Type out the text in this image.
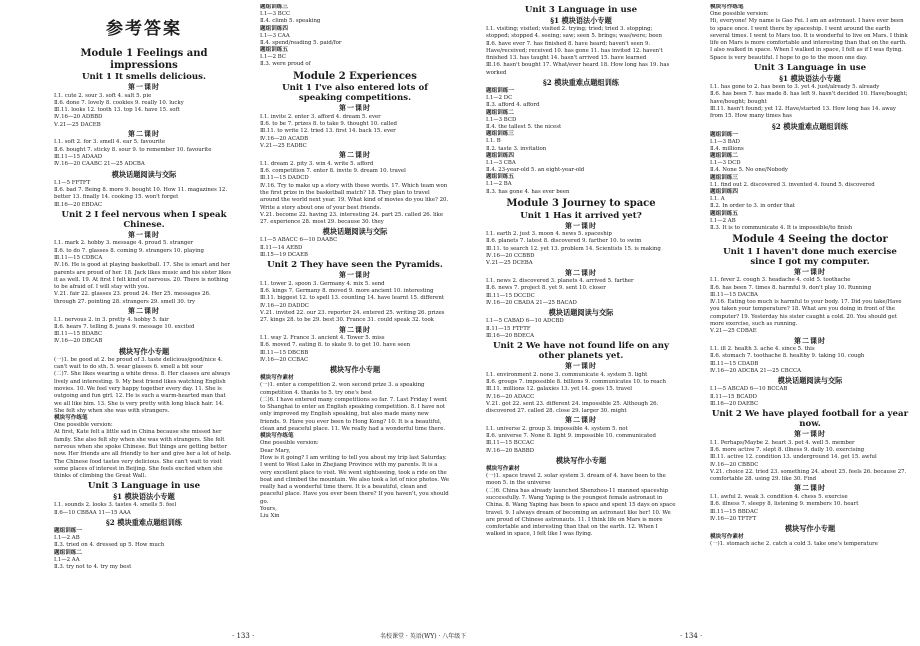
参考答案
Module 1 Feelings and impressions
Unit 1 It smells delicious.
第一课时
Ⅰ.1. cute 2. sour 3. soft 4. salt 5. pie
Ⅱ.6. done 7. lovely 8. cookies 9. really 10. lucky
Ⅲ.11. looks 12. tooth 13. top 14. have 15. soft
Ⅳ.16—20 ADBBD
Ⅴ.21—25 DACEB
第二课时
Ⅰ.1. soft 2. for 3. smell 4. ear 5. favourite
Ⅱ.6. bought 7. sticky 8. sour 9. to remember 10. favourite
Ⅲ.11—15 ADAAD
Ⅳ.16—20 CAABC 21—25 ADCBA
模块话题阅读与交际
Ⅰ.1—5 FFTFT
Ⅱ.6. bad 7. Being 8. more 9. bought 10. How 11. magazines 12. better 13. finally 14. cooking 15. won't forget
Ⅲ.16—20 EBDAC
Unit 2 I feel nervous when I speak Chinese.
第一课时
Ⅰ.1. mark 2. hobby 3. message 4. proud 5. stranger
Ⅱ.6. to do 7. glasses 8. coming 9. strangers 10. playing
Ⅲ.11—15 CDBCA
Ⅳ.16. He is good at playing basketball. 17. She is smart and her parents are proud of her. 18. Jack likes music and his sister likes it as well. 19. At first I felt kind of nervous. 20. There is nothing to be afraid of. I will stay with you.
Ⅴ.21. fair 22. glasses 23. proud 24. Her 25. messages 26. through 27. pointing 28. strangers 29. smell 30. try
第二课时
Ⅰ.1. nervous 2. in 3. pretty 4. hobby 5. fair
Ⅱ.6. hears 7. telling 8. jeans 9. message 10. excited
Ⅲ.11—15 BDABC
Ⅳ.16—20 DBCAB
模块写作小专题
(一)1. be good at 2. be proud of 3. taste delicious/good/nice 4. can't wait to do sth. 5. wear glasses 6. smell a bit sour
(二)7. She likes wearing a white dress. 8. Her classes are always lively and interesting. 9. My best friend likes watching English movies. 10. We feel very happy together every day. 11. She is outgoing and fun girl. 12. He is such a warm-hearted man that we all like him. 13. She is very pretty with long black hair. 14. She felt shy when she was with strangers.
模块写作练笔
One possible version:
At first, Kate felt a little sad in China because she missed her family. She also felt shy when she was with strangers. She felt nervous when she spoke Chinese. But things are getting better now. Her friends are all friendly to her and give her a lot of help. The Chinese food tastes very delicious. She can't wait to visit some places of interest in Beijing. She feels excited when she thinks of climbing the Great Wall.
Unit 3 Language in use
§1 模块语法小专题
Ⅰ.1. sounds 2. looks 3. tastes 4. smells 5. feel
Ⅱ.6—10 CBBAA 11—15 AAA
§2 模块重难点题组训练
题组训练一
Ⅰ.1—2 AB
Ⅱ.3. tried on 4. dressed up 5. How much
题组训练二
Ⅰ.1—2 AA
Ⅱ.3. try not to 4. try my best
题组训练三
Ⅰ.1—3 BCC
Ⅱ.4. climb 5. speaking
题组训练四
Ⅰ.1—3 CAA
Ⅱ.4. spend/reading 5. paid/for
题组训练五
Ⅰ.1—2 BC
Ⅱ.3. were proud of
Module 2 Experiences
Unit 1 I've also entered lots of speaking competitions.
第一课时
Ⅰ.1. invite 2. enter 3. afford 4. dream 5. ever
Ⅱ.6. to be 7. prizes 8. to take 9. thought 10. called
Ⅲ.11. to write 12. tried 13. first 14. back 15. ever
Ⅳ.16—20 ACADB
Ⅴ.21—25 EADBC
第二课时
Ⅰ.1. dream 2. pity 3. win 4. write 5. afford
Ⅱ.6. competition 7. enter 8. invite 9. dream 10. travel
Ⅲ.11—15 DADCD
Ⅳ.16. Try to make up a story with these words. 17. Which team won the first prize in the basketball match? 18. They plan to travel around the world next year. 19. What kind of movies do you like? 20. Write a story about one of your best friends.
Ⅴ.21. become 22. having 23. interesting 24. part 25. called 26. like 27. experience 28. most 29. because 30. they
模块话题阅读与交际
Ⅰ.1—5 ABACC 6—10 DAABC
Ⅱ.11—14 AEBD
Ⅲ.15—19 DCAEB
Unit 2 They have seen the Pyramids.
第一课时
Ⅰ.1. tower 2. spoon 3. Germany 4. mix 5. send
Ⅱ.6. kings 7. Germany 8. moved 9. more ancient 10. interesting
Ⅲ.11. biggest 12. to spell 13. counting 14. have learnt 15. different
Ⅳ.16—20 DADDC
Ⅴ.21. invited 22. our 23. reporter 24. entered 25. writing 26. prizes 27. kings 28. to be 29. best 30. France 31. could speak 32. took
第二课时
Ⅰ.1. way 2. France 3. ancient 4. Tower 5. miss
Ⅱ.6. moved 7. eating 8. to skate 9. to get 10. have seen
Ⅲ.11—15 DBCBB
Ⅳ.16—20 CCBAC
模块写作小专题
模块写作素材
(一)1. enter a competition 2. won second prize 3. a speaking competition 4. thanks to 5. try one's best
(二)6. I have entered many competitions so far. 7. Last Friday I went to Shanghai to enter an English speaking competition. 8. I have not only improved my English speaking, but also made many new friends. 9. Have you ever been to Hong Kong? 10. It is a beautiful, clean and peaceful place. 11. We really had a wonderful time there.
模块写作练笔
One possible version:
Dear Mary,
How is it going? I am writing to tell you about my trip last Saturday. I went to West Lake in Zhejiang Province with my parents. It is a very excellent place to visit. We went sightseeing, took a ride on the boat and climbed the mountain. We also took a lot of nice photos. We really had a wonderful time there. It is a beautiful, clean and peaceful place. Have you ever been there? If you haven't, you should go.
Yours,
Liu Xin
Unit 3 Language in use
§1 模块语法小专题
Ⅰ.1. visiting; visited; visited 2. trying; tried; tried 3. stopping; stopped; stopped 4. seeing; saw; seen 5. brings; was/were; been
Ⅱ.6. have ever 7. has finished 8. have heard; haven't seen 9. Have/received; received 10. has gone 11. has invited 12. haven't finished 13. has taught 14. hasn't arrived 15. have learned
Ⅲ.16. hasn't bought 17. What/ever heard 18. How long has 19. has worked
§2 模块重难点题组训练
题组训练一
Ⅰ.1—2 DC
Ⅱ.3. afford 4. afford
题组训练二
Ⅰ.1—3 BCD
Ⅱ.4. the tallest 5. the nicest
题组训练三
Ⅰ.1. B
Ⅱ.2. taste 3. invitation
题组训练四
Ⅰ.1—3 CBA
Ⅱ.4. 23-year-old 5. an eight-year-old
题组训练五
Ⅰ.1—2 BA
Ⅱ.3. has gone 4. has ever been
Module 3 Journey to space
Unit 1 Has it arrived yet?
第一课时
Ⅰ.1. earth 2. just 3. moon 4. news 5. spaceship
Ⅱ.6. planets 7. latest 8. discovered 9. farther 10. to swim
Ⅲ.11. to search 12. yet 13. problem 14. Scientists 15. is making
Ⅳ.16—20 CCBBD
Ⅴ.21—25 DCEBA
第二课时
Ⅰ.1. news 2. discovered 3. planets 4. arrived 5. farther
Ⅱ.6. news 7. project 8. yet 9. sent 10. closer
Ⅲ.11—15 DCCDC
Ⅳ.16—20 CBADA 21—25 BACAD
模块话题阅读与交际
Ⅰ.1—5 CABAD 6—10 ADCBD
Ⅱ.11—15 FTFTF
Ⅲ.16—20 BDECA
Unit 2 We have not found life on any other planets yet.
第一课时
Ⅰ.1. environment 2. none 3. communicate 4. system 5. light
Ⅱ.6. groups 7. impossible 8. billions 9. communicates 10. to reach
Ⅲ.11. millions 12. galaxies 13. yet 14. goes 15. travel
Ⅳ.16—20 ADACC
Ⅴ.21. got 22. sent 23. different 24. impossible 25. Although 26. discovered 27. called 28. close 29. larger 30. might
第二课时
Ⅰ.1. universe 2. group 3. impossible 4. system 5. not
Ⅱ.6. universe 7. None 8. light 9. impossible 10. communicated
Ⅲ.11—15 BCCAC
Ⅳ.16—20 BABBD
模块写作小专题
模块写作素材
(一)1. space travel 2. solar system 3. dream of 4. have been to the moon 5. in the universe
(二)6. China has already launched Shenzhou-11 manned spaceship successfully. 7. Wang Yaping is the youngest female astronaut in China. 8. Wang Yaping has been to space and spent 15 days on space travel. 9. I always dream of becoming an astronaut like her! 10. We are proud of Chinese astronauts. 11. I think life on Mars is more comfortable and interesting than that on the earth. 12. When I walked in space, I felt like I was flying.
模块写作练笔
One possible version:
Hi, everyone! My name is Gao Fei. I am an astronaut. I have ever been to space once. I went there by spaceship. I went around the earth several times. I went to Mars too. It is wonderful to live on Mars. I think life on Mars is more comfortable and interesting than that on the earth. I also walked in space. When I walked in space, I felt as if I was flying. Space is very beautiful. I hope to go to the moon one day.
Unit 3 Language in use
§1 模块语法小专题
Ⅰ.1. has gone to 2. has been to 3. yet 4. just/already 5. already
Ⅱ.6. has been 7. has made 8. has left 9. hasn't decided 10. Have/bought; have/bought; bought
Ⅲ.11. hasn't found; yet 12. Have/started 13. How long has 14. away from 15. How many times has
§2 模块重难点题组训练
题组训练一
Ⅰ.1—3 BAD
Ⅱ.4. millions
题组训练二
Ⅰ.1—3 DCD
Ⅱ.4. None 5. No one/Nobody
题组训练三
Ⅰ.1. find out 2. discovered 3. invented 4. found 5. discovered
题组训练四
Ⅰ.1. A
Ⅱ.2. In order to 3. in order that
题组训练五
Ⅰ.1—2 AB
Ⅱ.3. It is to communicate 4. It is impossible/to finish
Module 4 Seeing the doctor
Unit 1 I haven't done much exercise since I got my computer.
第一课时
Ⅰ.1. fever 2. cough 3. headache 4. cold 5. toothache
Ⅱ.6. has been 7. times 8. harmful 9. don't play 10. Running
Ⅲ.11—15 DACBA
Ⅳ.16. Eating too much is harmful to your body. 17. Did you take/Have you taken your temperature? 18. What are you doing in front of the computer? 19. Yesterday his sister caught a cold. 20. You should get more exercise, such as running.
Ⅴ.21—25 CDBAE
第二课时
Ⅰ.1. ill 2. health 3. ache 4. since 5. this
Ⅱ.6. stomach 7. toothache 8. healthy 9. taking 10. cough
Ⅲ.11—15 CDADB
Ⅳ.16—20 ADCBA 21—25 CBCCA
模块话题阅读与交际
Ⅰ.1—5 ABCAD 6—10 BCCAB
Ⅱ.11—15 BCADD
Ⅲ.16—20 DAEBC
Unit 2 We have played football for a year now.
第一课时
Ⅰ.1. Perhaps/Maybe 2. heart 3. pet 4. well 5. member
Ⅱ.6. more active 7. slept 8. illness 9. daily 10. exercising
Ⅲ.11. active 12. condition 13. underground 14. get 15. awful
Ⅳ.16—20 CBBDC
Ⅴ.21. choice 22. tried 23. something 24. about 25. feels 26. because 27. comfortable 28. using 29. like 30. Find
第二课时
Ⅰ.1. awful 2. weak 3. condition 4. chess 5. exercise
Ⅱ.6. illness 7. sleepy 8. listening 9. members 10. heart
Ⅲ.11—15 BBDAC
Ⅳ.16—20 TFTFT
模块写作小专题
模块写作素材
(一)1. stomach ache 2. catch a cold 3. take one's temperature
· 133 ·	名校课堂 · 英语(WY) · 八年级下	· 134 ·
